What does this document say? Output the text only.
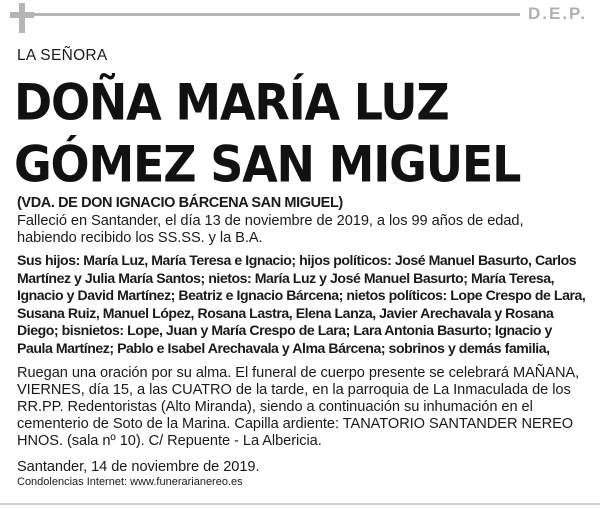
D.E.P.
LA SEÑORA
DOÑA MARÍA LUZ
GÓMEZ SAN MIGUEL
(VDA. DE DON IGNACIO BÁRCENA SAN MIGUEL)
Falleció en Santander, el día 13 de noviembre de 2019, a los 99 años de edad, habiendo recibido los SS.SS. y la B.A.
Sus hijos: María Luz, María Teresa e Ignacio; hijos políticos: José Manuel Basurto, Carlos Martínez y Julia María Santos; nietos: María Luz y José Manuel Basurto; María Teresa, Ignacio y David Martínez; Beatriz e Ignacio Bárcena; nietos políticos: Lope Crespo de Lara, Susana Ruiz, Manuel López, Rosana Lastra, Elena Lanza, Javier Arechavala y Rosana Diego; bisnietos: Lope, Juan y María Crespo de Lara; Lara Antonia Basurto; Ignacio y Paula Martínez; Pablo e Isabel Arechavala y Alma Bárcena; sobrinos y demás familia,
Ruegan una oración por su alma. El funeral de cuerpo presente se celebrará MAÑANA, VIERNES, día 15, a las CUATRO de la tarde, en la parroquia de La Inmaculada de los RR.PP. Redentoristas (Alto Miranda), siendo a continuación su inhumación en el cementerio de Soto de la Marina. Capilla ardiente: TANATORIO SANTANDER NEREO HNOS. (sala nº 10). C/ Repuente - La Albericia.
Santander, 14 de noviembre de 2019.
Condolencias Internet: www.funerarianereo.es
